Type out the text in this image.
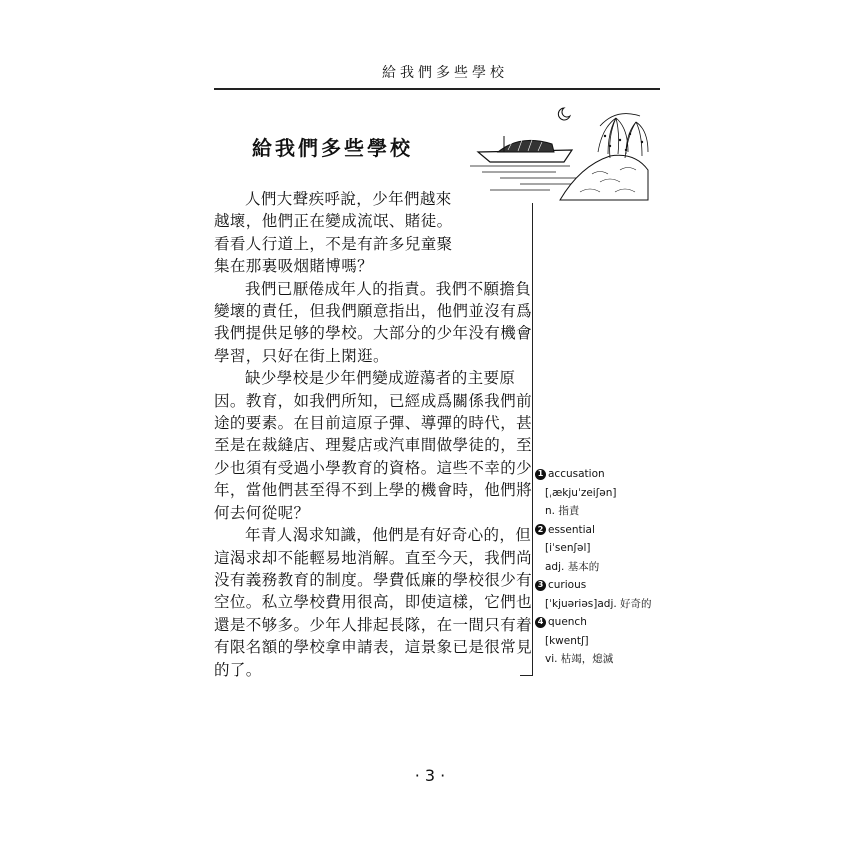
給我們多些學校
給我們多些學校

人們大聲疾呼說，少年們越來越壞，他們正在變成流氓、賭徒。看看人行道上，不是有許多兒童聚集在那裏吸烟賭博嗎？

我們已厭倦成年人的指責。我們不願擔負變壞的責任，但我們願意指出，他們並沒有爲我們提供足够的學校。大部分的少年没有機會學習，只好在街上閑逛。

缺少學校是少年們變成遊蕩者的主要原因。教育，如我們所知，已經成爲關係我們前途的要素。在目前這原子彈、導彈的時代，甚至是在裁縫店、理髮店或汽車間做學徒的，至少也須有受過小學教育的資格。這些不幸的少年，當他們甚至得不到上學的機會時，他們將何去何從呢？

年青人渴求知識，他們是有好奇心的，但這渴求却不能輕易地消解。直至今天，我們尚没有義務教育的制度。學費低廉的學校很少有空位。私立學校費用很高，即使這樣，它們也還是不够多。少年人排起長隊，在一間只有着有限名額的學校拿申請表，這景象已是很常見的了。

1 accusation
[ˌækjuˈzeiʃən]
n. 指責
2 essential
[iˈsenʃəl]
adj. 基本的
3 curious
[ˈkjuəriəs]adj. 好奇的
4 quench
[kwentʃ]
vi. 枯竭，熄滅
· 3 ·
